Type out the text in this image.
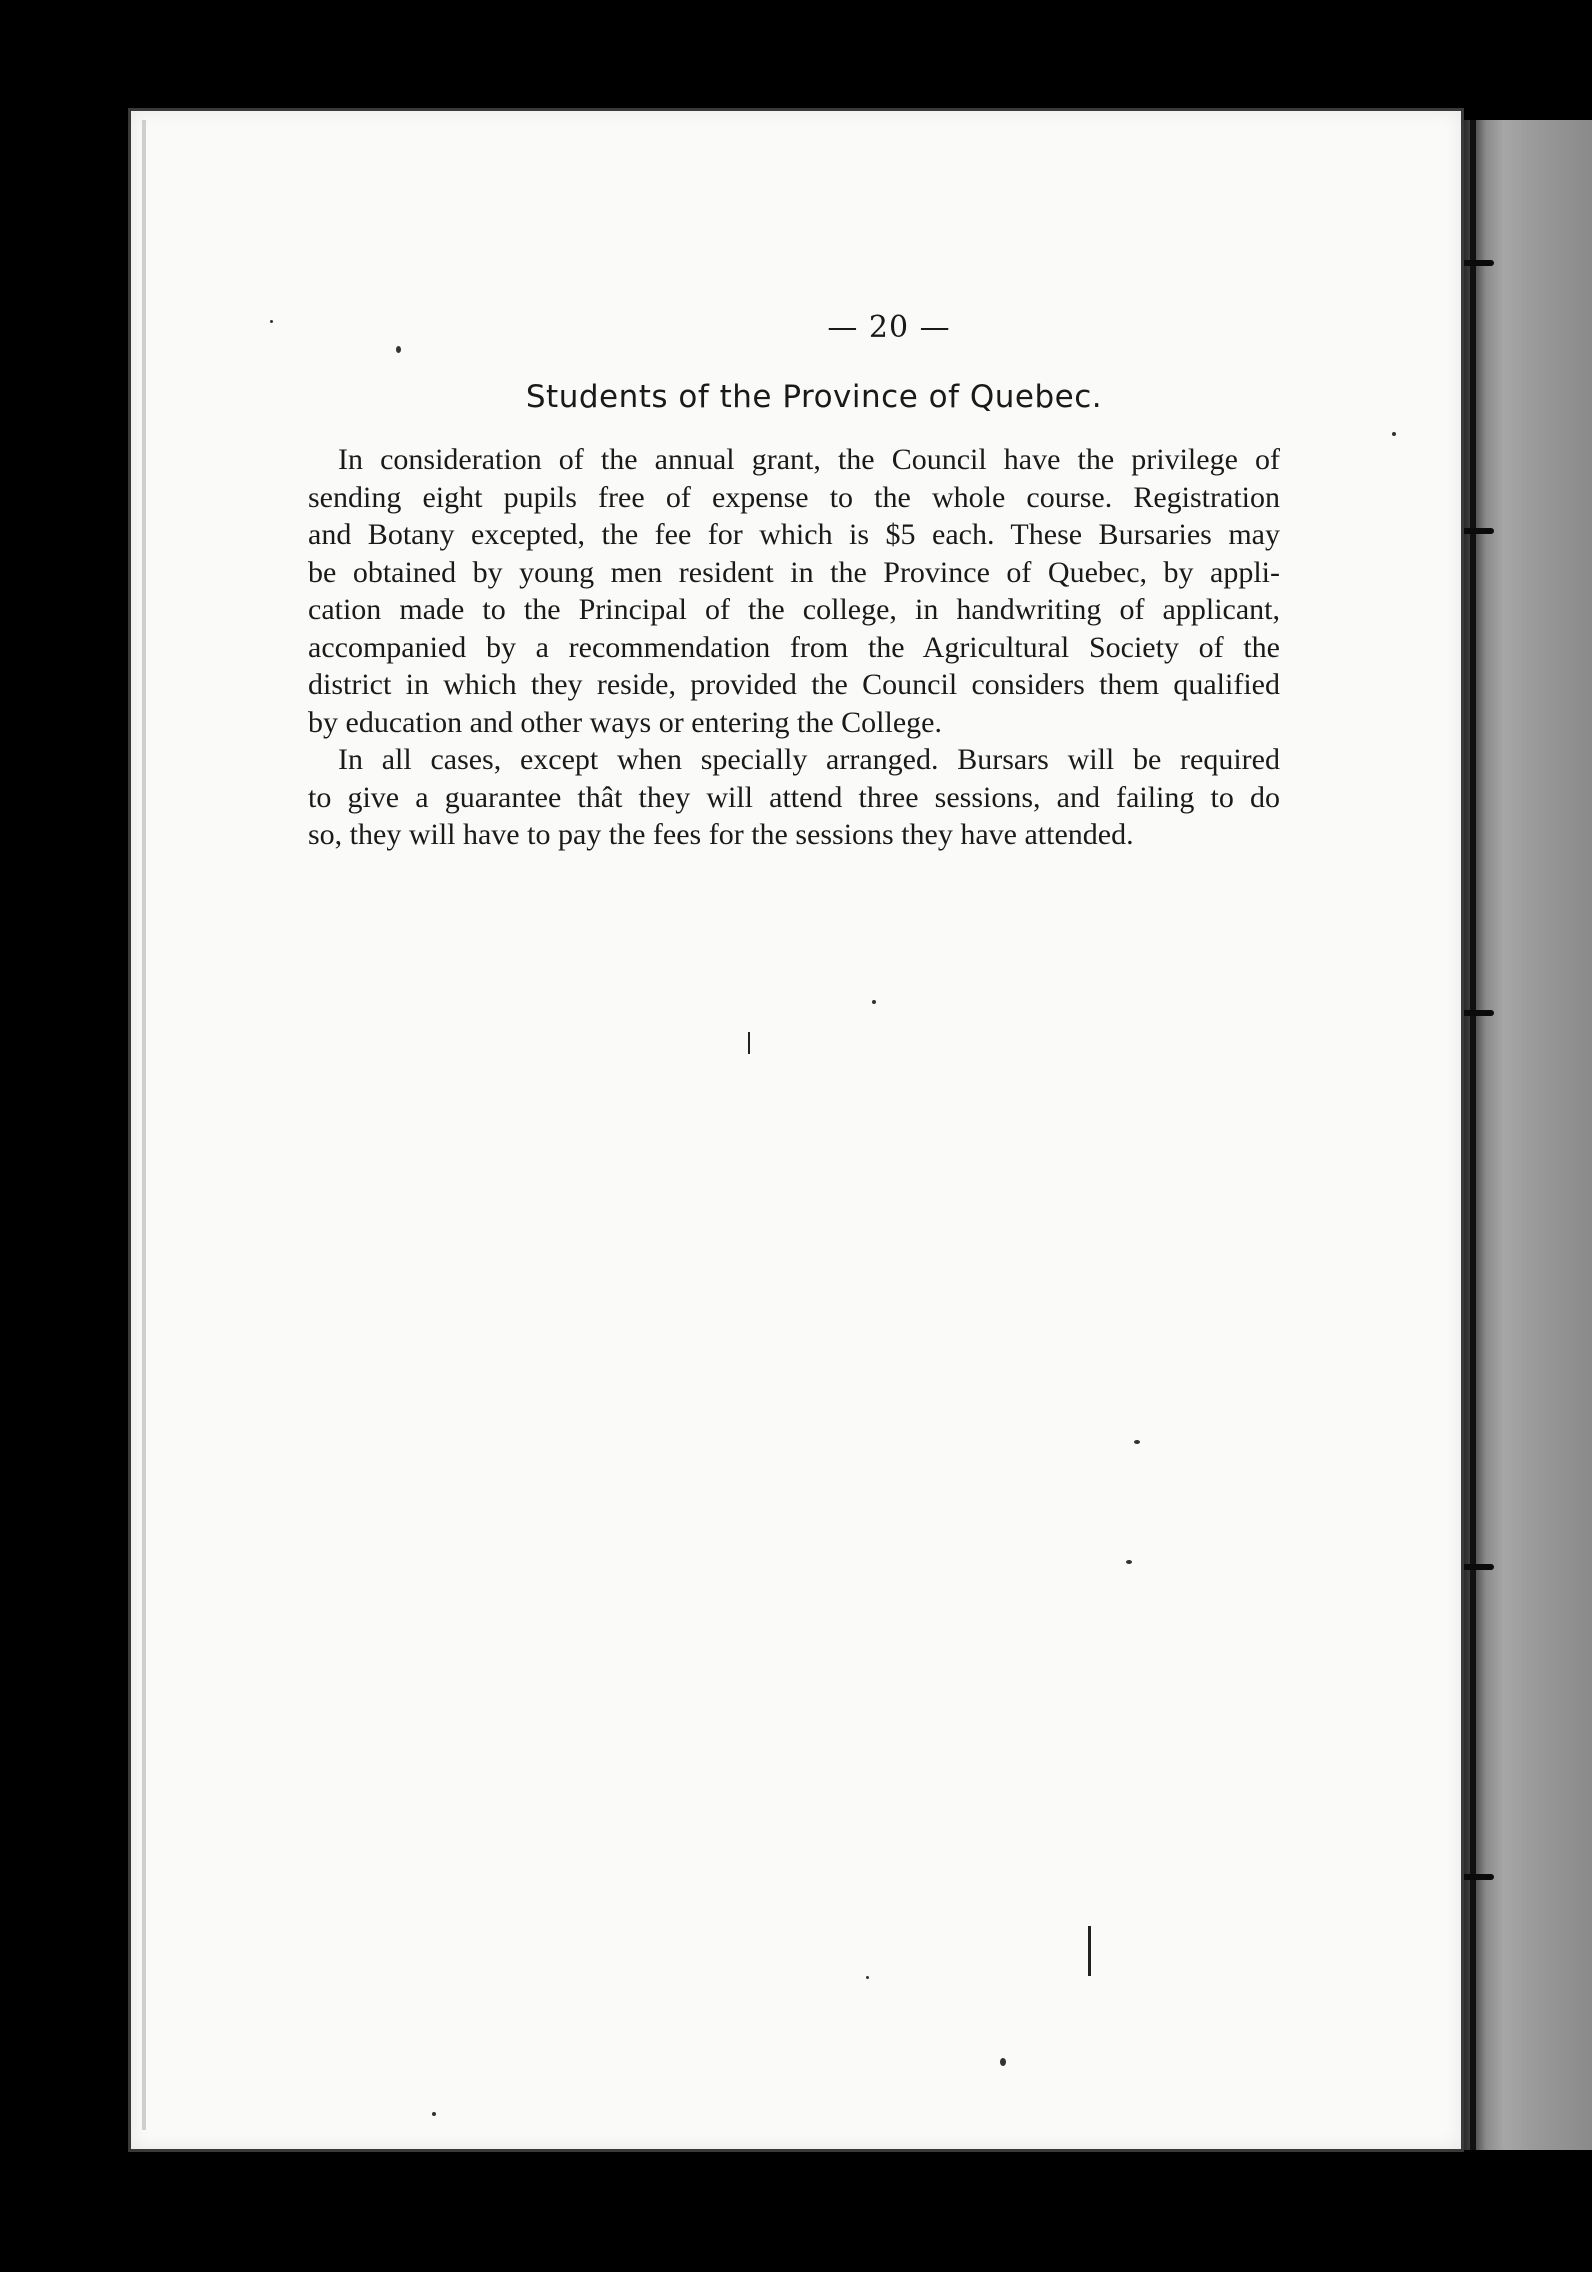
— 20 —
Students of the Province of Quebec.

In consideration of the annual grant, the Council have the privilege of
sending eight pupils free of expense to the whole course. Registration
and Botany excepted, the fee for which is $5 each. These Bursaries may
be obtained by young men resident in the Province of Quebec, by appli-
cation made to the Principal of the college, in handwriting of applicant,
accompanied by a recommendation from the Agricultural Society of the
district in which they reside, provided the Council considers them qualified
by education and other ways or entering the College.

In all cases, except when specially arranged. Bursars will be required
to give a guarantee thât they will attend three sessions, and failing to do
so, they will have to pay the fees for the sessions they have attended.
